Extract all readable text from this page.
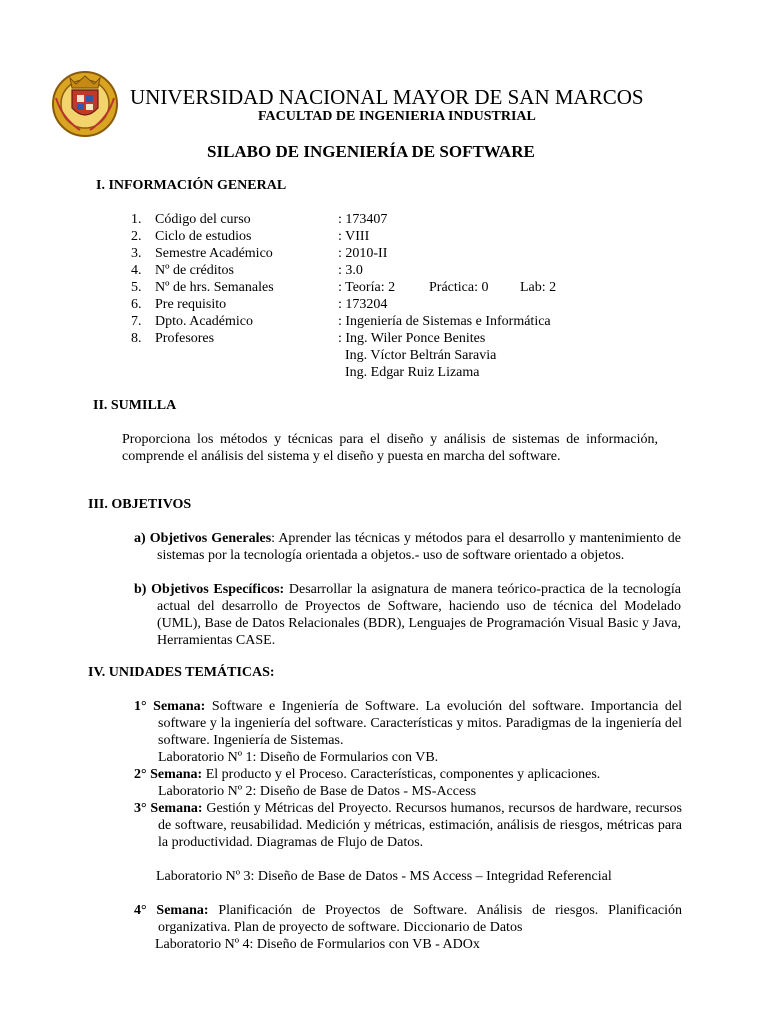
UNIVERSIDAD NACIONAL MAYOR DE SAN MARCOS
FACULTAD DE INGENIERIA INDUSTRIAL
SILABO DE INGENIERÍA DE SOFTWARE
I. INFORMACIÓN GENERAL
1. Código del curso	: 173407
2. Ciclo de estudios	: VIII
3. Semestre Académico	: 2010-II
4. Nº de créditos	: 3.0
5. Nº de hrs. Semanales	: Teoría: 2 Práctica: 0 Lab: 2
6. Pre requisito	: 173204
7. Dpto. Académico	: Ingeniería de Sistemas e Informática
8. Profesores	: Ing. Wiler Ponce Benites
Ing. Víctor Beltrán Saravia
Ing. Edgar Ruiz Lizama
II. SUMILLA
Proporciona los métodos y técnicas para el diseño y análisis de sistemas de información, comprende el análisis del sistema y el diseño y puesta en marcha del software.
III. OBJETIVOS
a) Objetivos Generales: Aprender las técnicas y métodos para el desarrollo y mantenimiento de sistemas por la tecnología orientada a objetos.- uso de software orientado a objetos.
b) Objetivos Específicos: Desarrollar la asignatura de manera teórico-practica de la tecnología actual del desarrollo de Proyectos de Software, haciendo uso de técnica del Modelado (UML), Base de Datos Relacionales (BDR), Lenguajes de Programación Visual Basic y Java, Herramientas CASE.
IV. UNIDADES TEMÁTICAS:
1° Semana: Software e Ingeniería de Software. La evolución del software. Importancia del software y la ingeniería del software. Características y mitos. Paradigmas de la ingeniería del software. Ingeniería de Sistemas.
Laboratorio Nº 1: Diseño de Formularios con VB.
2° Semana: El producto y el Proceso. Características, componentes y aplicaciones.
Laboratorio Nº 2: Diseño de Base de Datos - MS-Access
3° Semana: Gestión y Métricas del Proyecto. Recursos humanos, recursos de hardware, recursos de software, reusabilidad. Medición y métricas, estimación, análisis de riesgos, métricas para la productividad. Diagramas de Flujo de Datos.
Laboratorio Nº 3: Diseño de Base de Datos - MS Access – Integridad Referencial
4° Semana: Planificación de Proyectos de Software. Análisis de riesgos. Planificación organizativa. Plan de proyecto de software. Diccionario de Datos
Laboratorio Nº 4: Diseño de Formularios con VB - ADOx
